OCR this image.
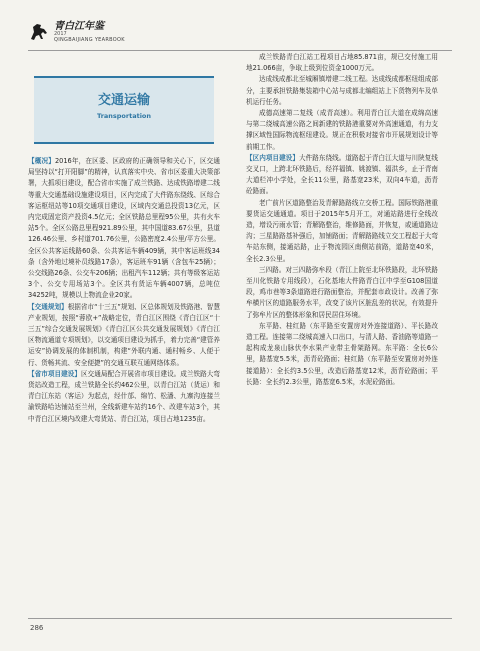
青白江年鉴
2017
QINGBAIJIANG YEARBOOK
交通运输
Transportation

【概况】2016年，在区委、区政府的正确领导和关心下，区交通局坚持以“打开阳脚”的精神，认真落实中央、省市区委重大决策部署，大抓项目建设，配合省市实施了成兰铁路、达成铁路增建二线等重大交通基础设施建设项目，区内完成了大件路东绕线、区综合客运枢纽站等10项交通项目建设，区域内交通总投资13亿元，区内完成固定资产投资4.5亿元；全区铁路总里程95公里，共有火车站5个。全区公路总里程921.89公里，其中国道83.67公里，县道126.46公里、乡村道701.76公里，公路密度2.4公里/平方公里。全区公共客运线路60条、公共客运车辆409辆，其中客运班线34条（含外地过境补员线路17条），客运班车91辆（含包车25辆）；公交线路26条、公交车206辆；出租汽车112辆；共有等级客运站3个、公交专用场站3个。全区共有货运车辆4007辆，总吨位34252吨，规模以上物流企业20家。

【交通规划】根据省市“十三五”规划、区总体规划及铁路港、智慧产业规划，按照“蓉欧+”战略定位，青白江区围绕《青白江区“十三五”综合交通发展规划》《青白江区公共交通发展规划》《青白江区物流通道专项规划》，以交通项目建设为抓手，着力完善“建管养运安”协调发展的体制机制，构建“外联内通、通村畅乡、人便于行、货畅其流、安全便捷”的交通互联互通网络体系。

【省市项目建设】区交通局配合开展省市项目建设。成兰铁路大弯货站改造工程，成兰铁路全长约462公里，以青白江站（货运）和青白江东站（客运）为起点，经什邡、绵竹、松潘、九寨沟连接兰渝铁路哈达铺站至兰州，全线新建车站约16个、改建车站3个，其中青白江区境内改建大弯货站、青白江站，项目占地1235亩。

成兰铁路青白江站工程项目占地85.871亩，规已交付施工用地21.066亩，争取上级到位资金1000万元。

达成线成都北至城厢镇增建二线工程。达成线成都枢纽组成部分，主要承担铁路集装箱中心站与成都北编组站上下货物列车及单机运行任务。

成德高速第二复线（成青高速）。利用青白江大道在成绵高速与第二绕城高速公路之间新建的铁路港重要对外高速通道，有力支撑区域性国际物流枢纽建设。规正在积极对接省市开展规划设计等前期工作。

【区内项目建设】大件路东绕线。道路起于青白江大道与川陕复线交叉口，上跨北环铁路后，经祥福镇、姚渡镇、福洪乡，止于青南大道栏冲小学处，全长11公里，路基宽23米，双向4车道，沥青砼路面。

老广前片区道路整治及青解路路线立交桥工程。国际铁路港重要货运交通通道。项目于2015年5月开工，对通站路进行全线改造，增设污雨水管；青解路整治，维修路面，并恢复，或通道路边沟；三星路路基补强后，加铺路面；青解路路线立交工程起于大弯车站东侧，接通站路，止于物流园区南侧站前路，道路宽40米，全长2.3公里。

三四路。对三四路弥牟段（青江上院至北环铁路段，北环铁路至川化铁路专用线段），石化基地大件路青白江中学至G108国道段，鸡市巷等3条道路进行路面整治，并配套市政设计。改善了弥牟横片区的道路服务水平，改变了该片区脏乱差的状况，有效提升了弥牟片区的整体形象和居民居住环境。

东平路、桂红路（东平路至安置房对外连接道路）、平长路改造工程。连接第二绕城高速入口出口，与清人路、香油路等道路一起构成龙泉山脉伏李水果产业带主骨架路网。东平路：全长6公里，路基宽5.5米，沥青砼路面；桂红路（东平路至安置房对外连接道路）：全长约3.5公里，改造后路基宽12米，沥青砼路面；平长路：全长约2.3公里，路基宽6.5米，水泥砼路面。

286
